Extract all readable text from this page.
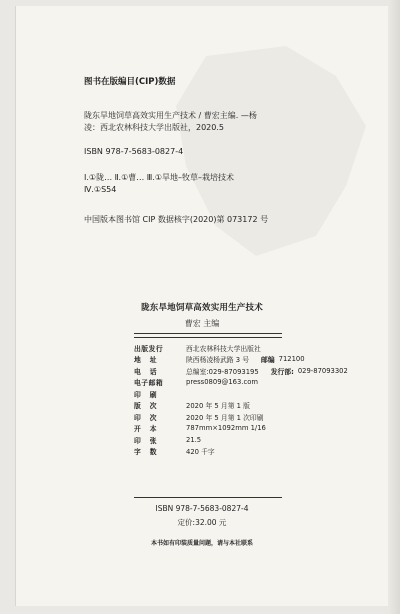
图书在版编目(CIP)数据
陇东旱地饲草高效实用生产技术 / 曹宏主编. —杨
凌：西北农林科技大学出版社，2020.5
ISBN 978-7-5683-0827-4
Ⅰ.①陇… Ⅱ.①曹… Ⅲ.①旱地–牧草–栽培技术
Ⅳ.①S54
中国版本图书馆 CIP 数据核字(2020)第 073172 号
陇东旱地饲草高效实用生产技术
曹宏 主编
出版发行	西北农林科技大学出版社
地址	陕西杨凌杨武路 3 号 邮编 712100
电话	总编室:029-87093195 发行部: 029-87093302
电子邮箱	press0809@163.com
印刷
版次	2020 年 5 月第 1 版
印次	2020 年 5 月第 1 次印刷
开本	787mm×1092mm 1/16
印张	21.5
字数	420 千字
ISBN 978-7-5683-0827-4
定价:32.00 元
本书如有印装质量问题，请与本社联系
